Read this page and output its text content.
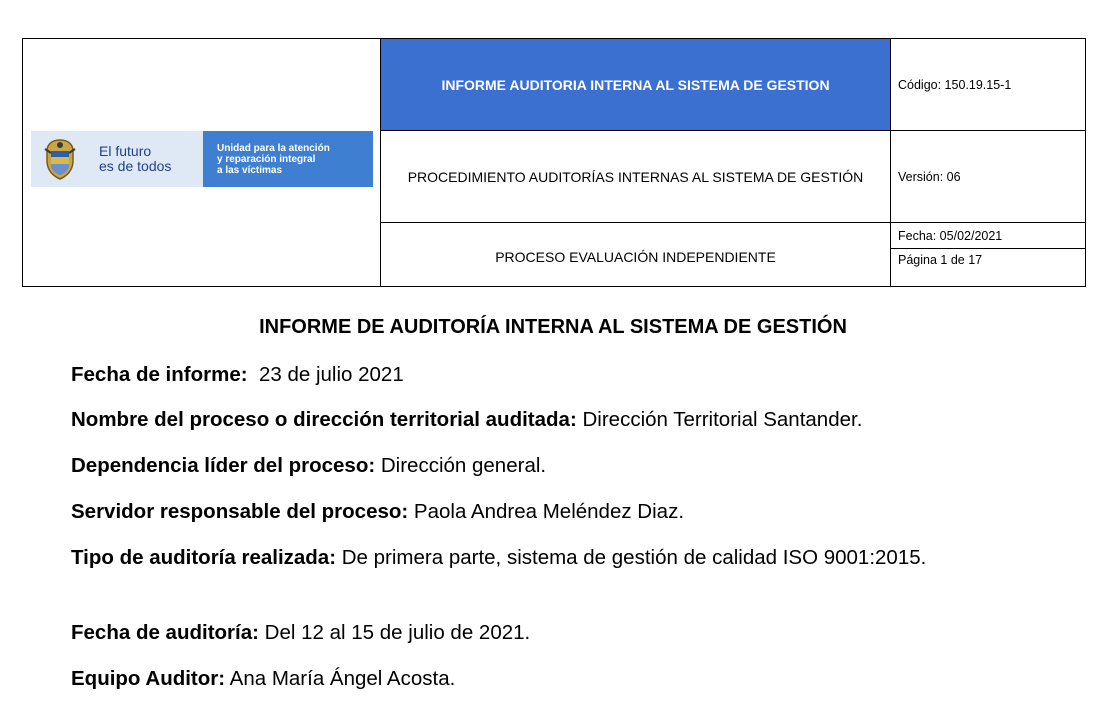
El futuro
es de todos
Unidad para la atención
y reparación integral
a las víctimas
INFORME AUDITORIA INTERNA AL SISTEMA DE GESTION
PROCEDIMIENTO AUDITORÍAS INTERNAS AL SISTEMA DE GESTIÓN
PROCESO EVALUACIÓN INDEPENDIENTE
Código: 150.19.15-1
Versión: 06
Fecha: 05/02/2021
Página 1 de 17
INFORME DE AUDITORÍA INTERNA AL SISTEMA DE GESTIÓN
Fecha de informe:  23 de julio 2021
Nombre del proceso o dirección territorial auditada: Dirección Territorial Santander.
Dependencia líder del proceso: Dirección general.
Servidor responsable del proceso: Paola Andrea Meléndez Diaz.
Tipo de auditoría realizada: De primera parte, sistema de gestión de calidad ISO 9001:2015.
Fecha de auditoría: Del 12 al 15 de julio de 2021.
Equipo Auditor: Ana María Ángel Acosta.
